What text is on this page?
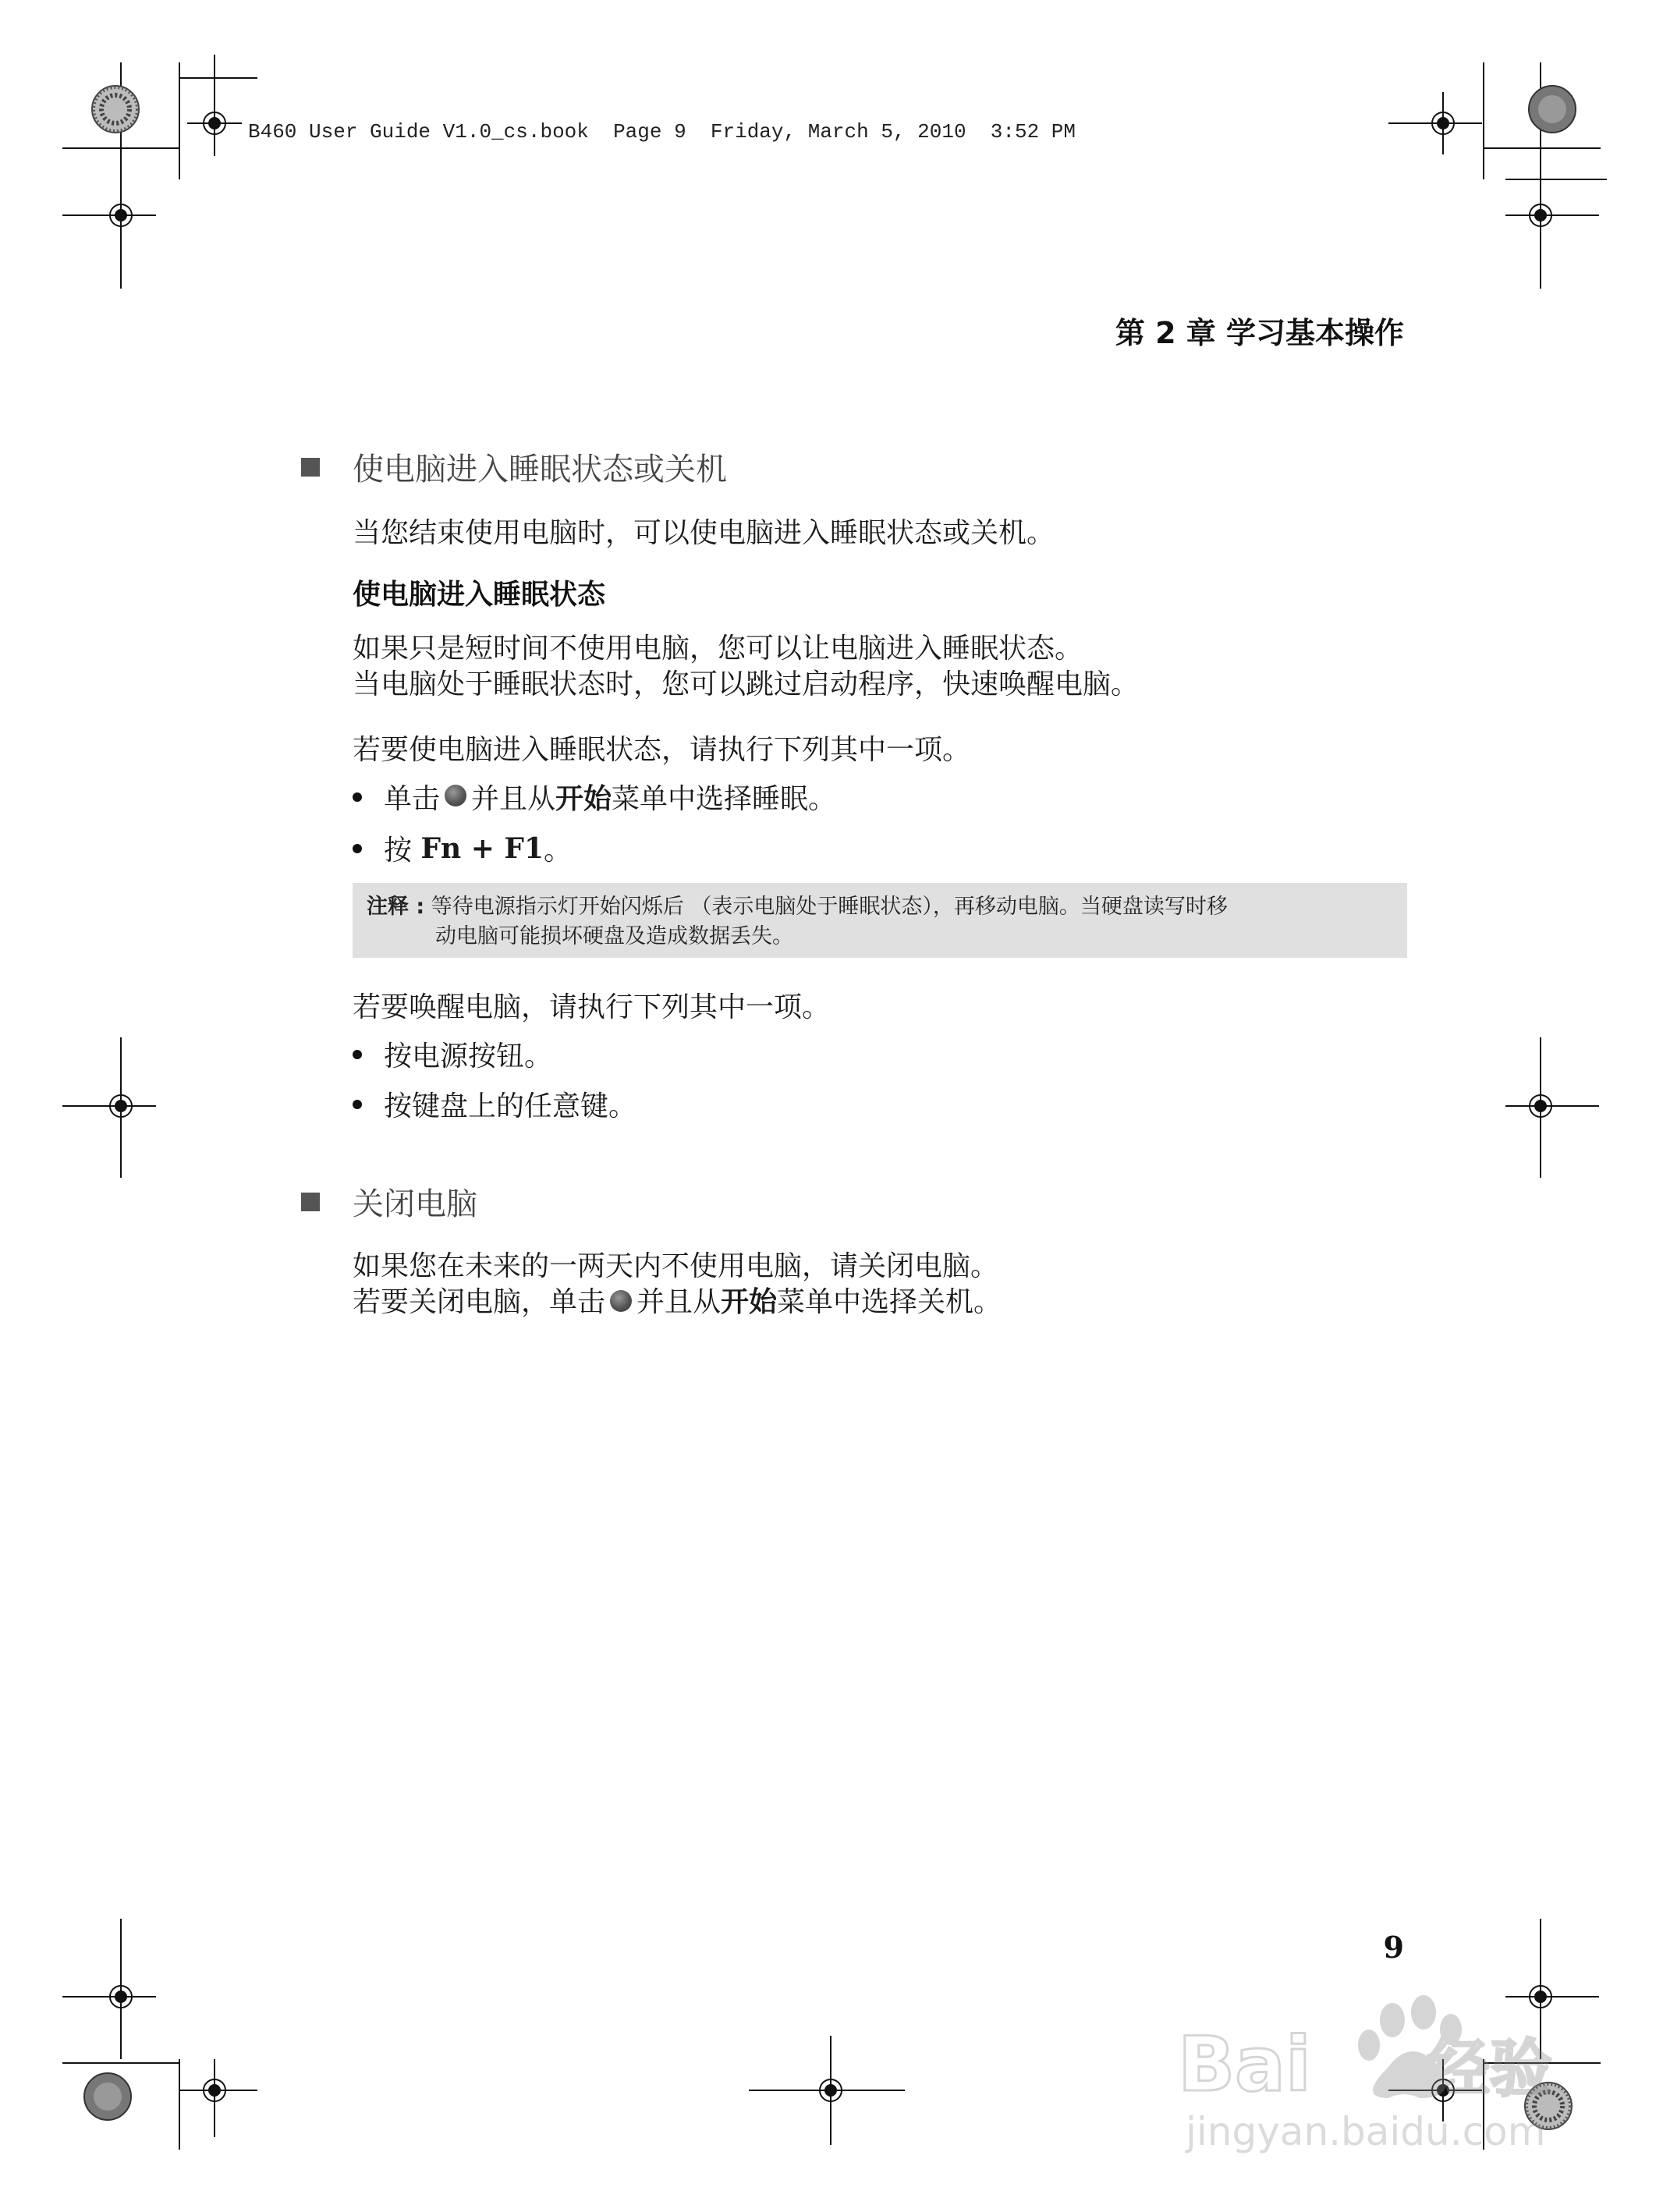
B460 User Guide V1.0_cs.book  Page 9  Friday, March 5, 2010  3:52 PM
第 2 章 学习基本操作
使电脑进入睡眠状态或关机
当您结束使用电脑时，可以使电脑进入睡眠状态或关机。
使电脑进入睡眠状态
如果只是短时间不使用电脑，您可以让电脑进入睡眠状态。
当电脑处于睡眠状态时，您可以跳过启动程序，快速唤醒电脑。
若要使电脑进入睡眠状态，请执行下列其中一项。
单击 并且从 开始 菜单中选择睡眠。
按 Fn + F1 。
注释 : 等待电源指示灯开始闪烁后 （表示电脑处于睡眠状态），再移动电脑。当硬盘读写时移
动电脑可能损坏硬盘及造成数据丢失。
若要唤醒电脑，请执行下列其中一项。
按电源按钮。
按键盘上的任意键。
关闭电脑
如果您在未来的一两天内不使用电脑，请关闭电脑。
若要关闭电脑，单击 并且从 开始 菜单中选择关机。
9
Bai 经验
jingyan.baidu.com
